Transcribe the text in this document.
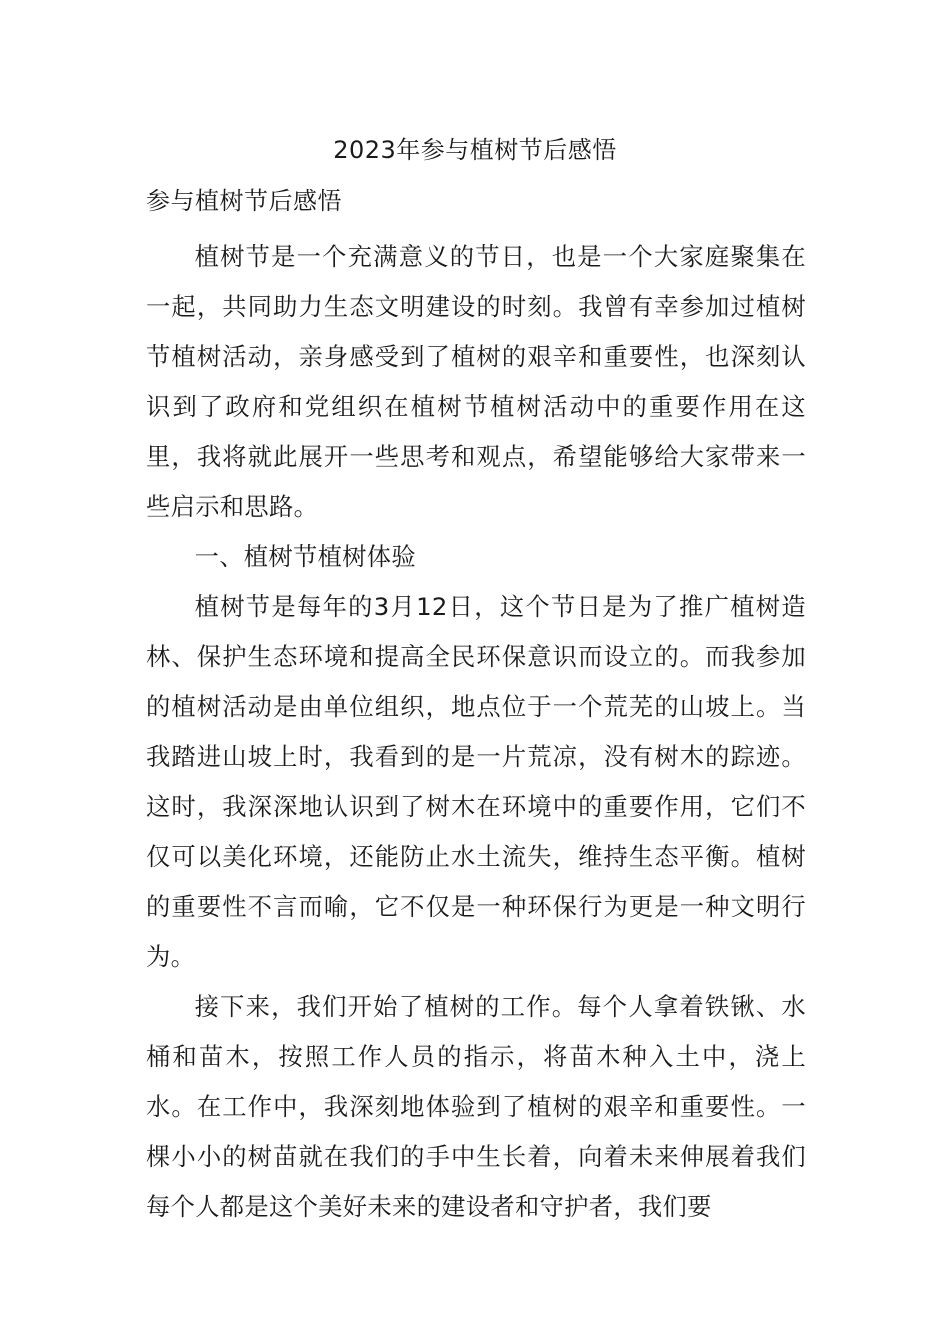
2023年参与植树节后感悟
参与植树节后感悟

植树节是一个充满意义的节日，也是一个大家庭聚集在一起，共同助力生态文明建设的时刻。我曾有幸参加过植树节植树活动，亲身感受到了植树的艰辛和重要性，也深刻认识到了政府和党组织在植树节植树活动中的重要作用在这里，我将就此展开一些思考和观点，希望能够给大家带来一些启示和思路。

一、植树节植树体验

植树节是每年的3月12日，这个节日是为了推广植树造林、保护生态环境和提高全民环保意识而设立的。而我参加的植树活动是由单位组织，地点位于一个荒芜的山坡上。当我踏进山坡上时，我看到的是一片荒凉，没有树木的踪迹。这时，我深深地认识到了树木在环境中的重要作用，它们不仅可以美化环境，还能防止水土流失，维持生态平衡。植树的重要性不言而喻，它不仅是一种环保行为更是一种文明行为。

接下来，我们开始了植树的工作。每个人拿着铁锹、水桶和苗木，按照工作人员的指示，将苗木种入土中，浇上水。在工作中，我深刻地体验到了植树的艰辛和重要性。一棵小小的树苗就在我们的手中生长着，向着未来伸展着我们每个人都是这个美好未来的建设者和守护者，我们要
